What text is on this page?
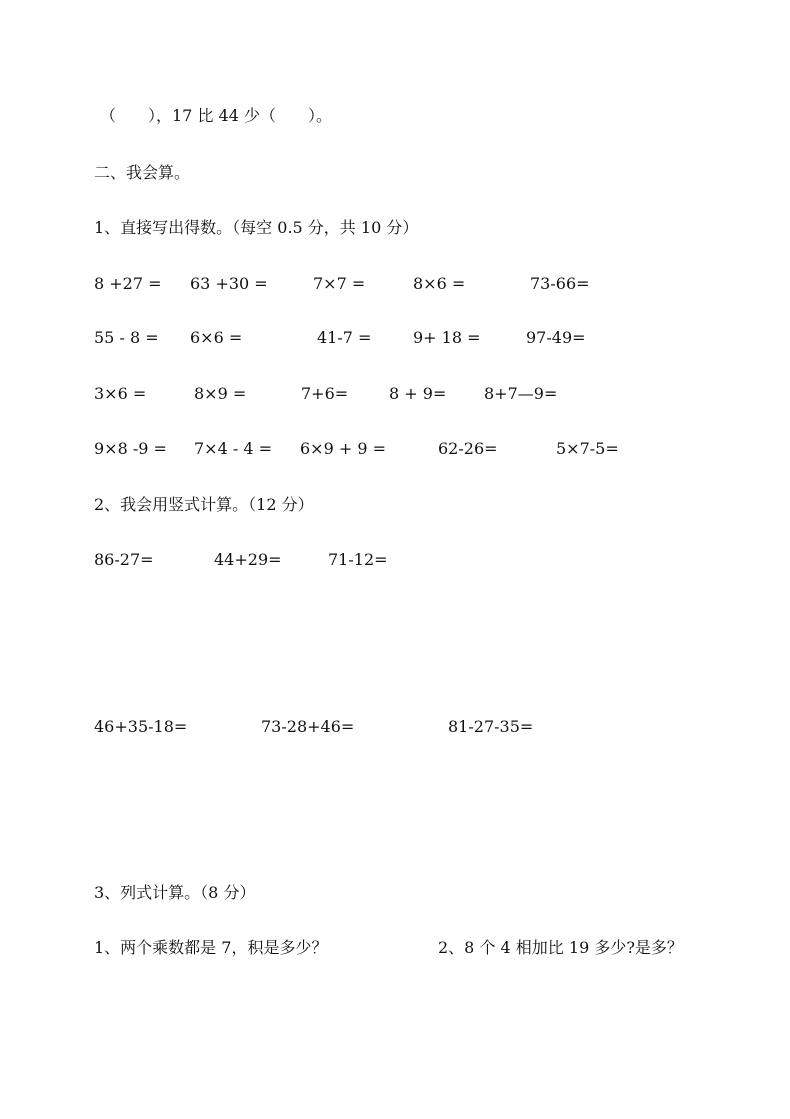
（　　），17 比 44 少（　　）。
二、我会算。
1、直接写出得数。（每空 0.5 分，共 10 分）
8 +27 = 63 +30 =	7×7 =	8×6 =	73-66=
55 - 8 = 6×6 =	41-7 =	9+ 18 =	97-49=
3×6 =	8×9 =	7+6=	8 + 9= 8+7—9=
9×8 -9 = 7×4 - 4 = 6×9 + 9 =	62-26=	5×7-5=
2、我会用竖式计算。（12 分）
86-27=	44+29=	71-12=
46+35-18=	73-28+46=	81-27-35=
3、列式计算。（8 分）
1、两个乘数都是 7，积是多少？	2、8 个 4 相加比 19 多少?是多？
